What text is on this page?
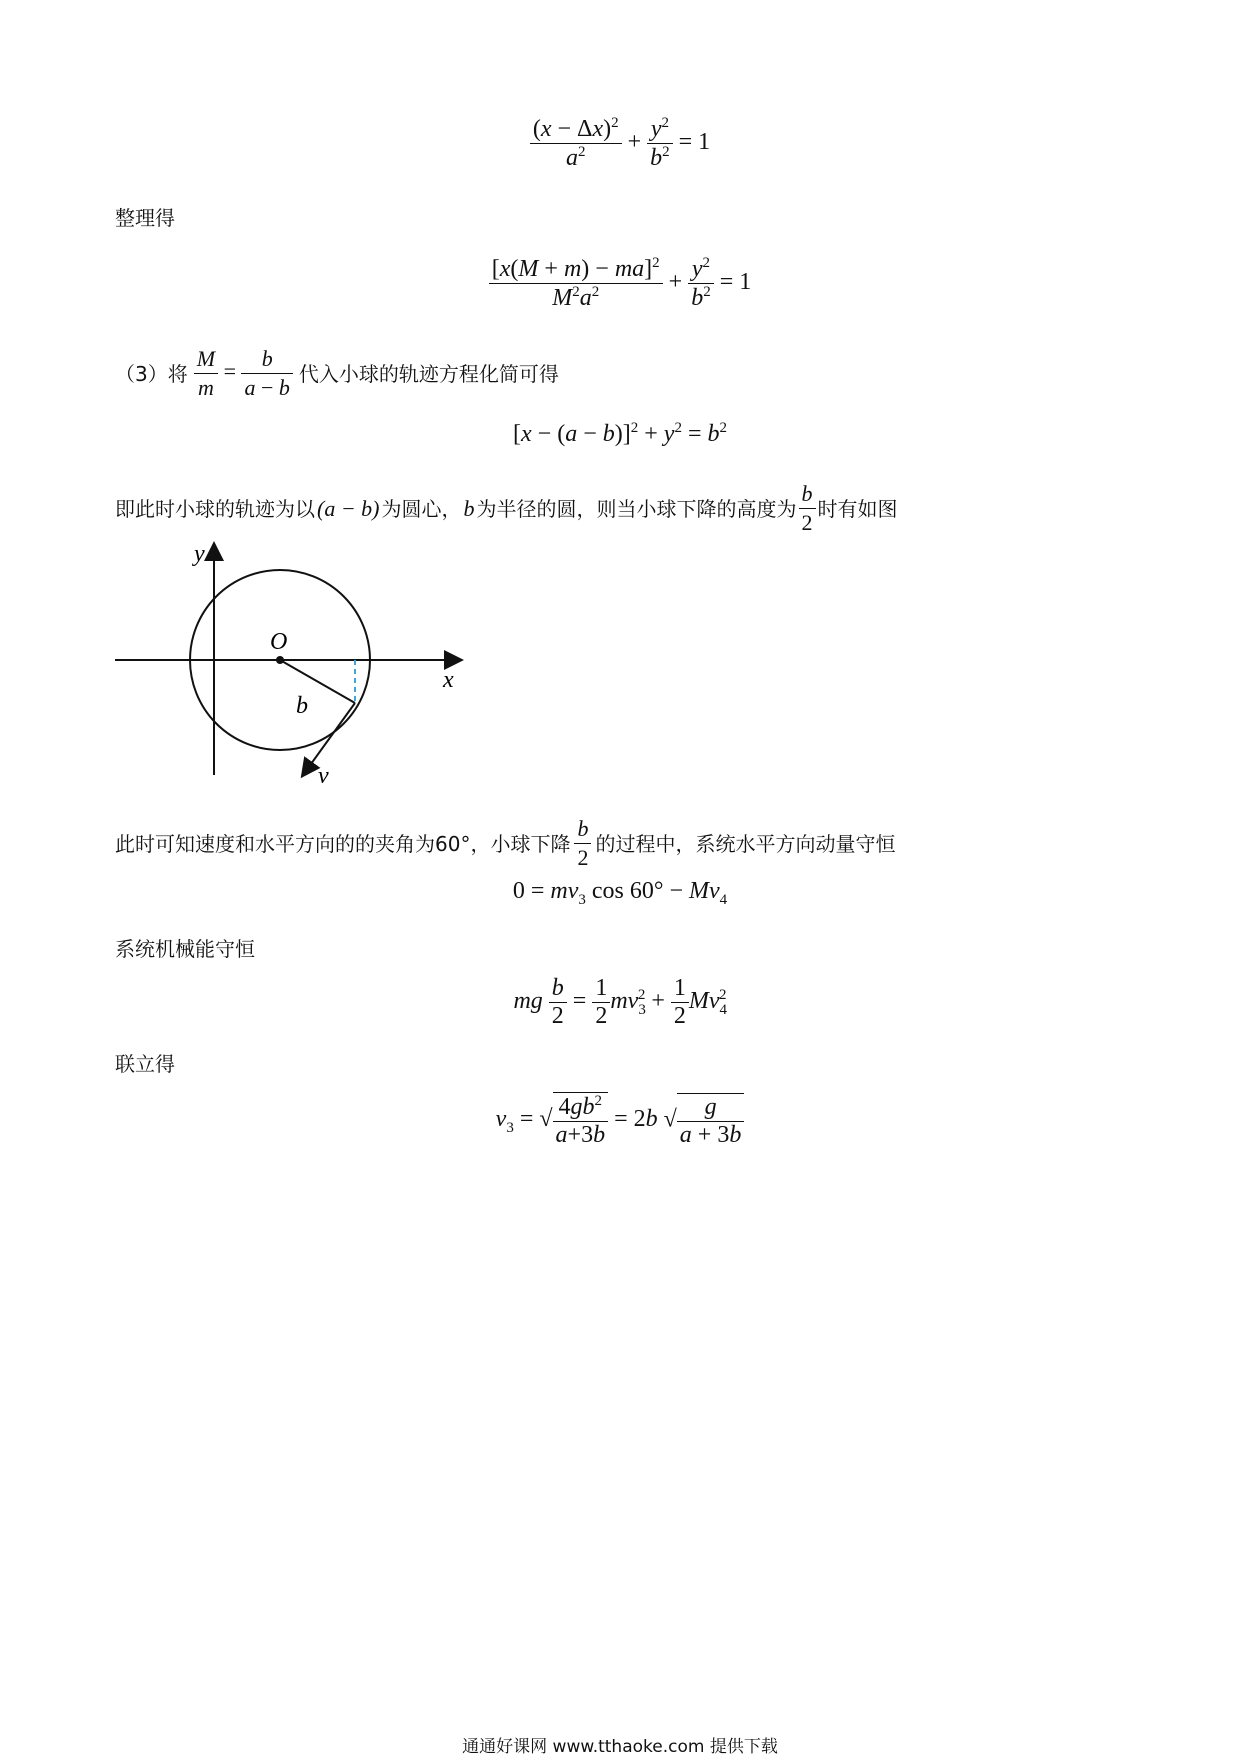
$\frac{(x - \Delta x)^2}{a^2} + \frac{y^2}{b^2} = 1$
整理得
$\frac{[x(M + m) - ma]^2}{M^2a^2} + \frac{y^2}{b^2} = 1$
（3）将 $\frac{M}{m} = \frac{b}{a - b}$ 代入小球的轨迹方程化简可得
$[x - (a - b)]^2 + y^2 = b^2$
即此时小球的轨迹为以 (a − b) 为圆心， b 为半径的圆，则当小球下降的高度为 $\frac{b}{2}$ 时有如图
y
x
O
b
v
此时可知速度和水平方向的的夹角为60°，小球下降 $\frac{b}{2}$ 的过程中，系统水平方向动量守恒
$0 = mv_3$ $\cos 60^\circ - Mv_4$
系统机械能守恒
mg $\frac{b}{2} = \frac{1}{2} mv_3^2 + \frac{1}{2} Mv_4^2$
联立得
$v_3$ = √ $\frac{4gb^2}{a+3b} = 2b$ √ $\frac{g}{a + 3b}$
通通好课网 www.tthaoke.com 提供下载
